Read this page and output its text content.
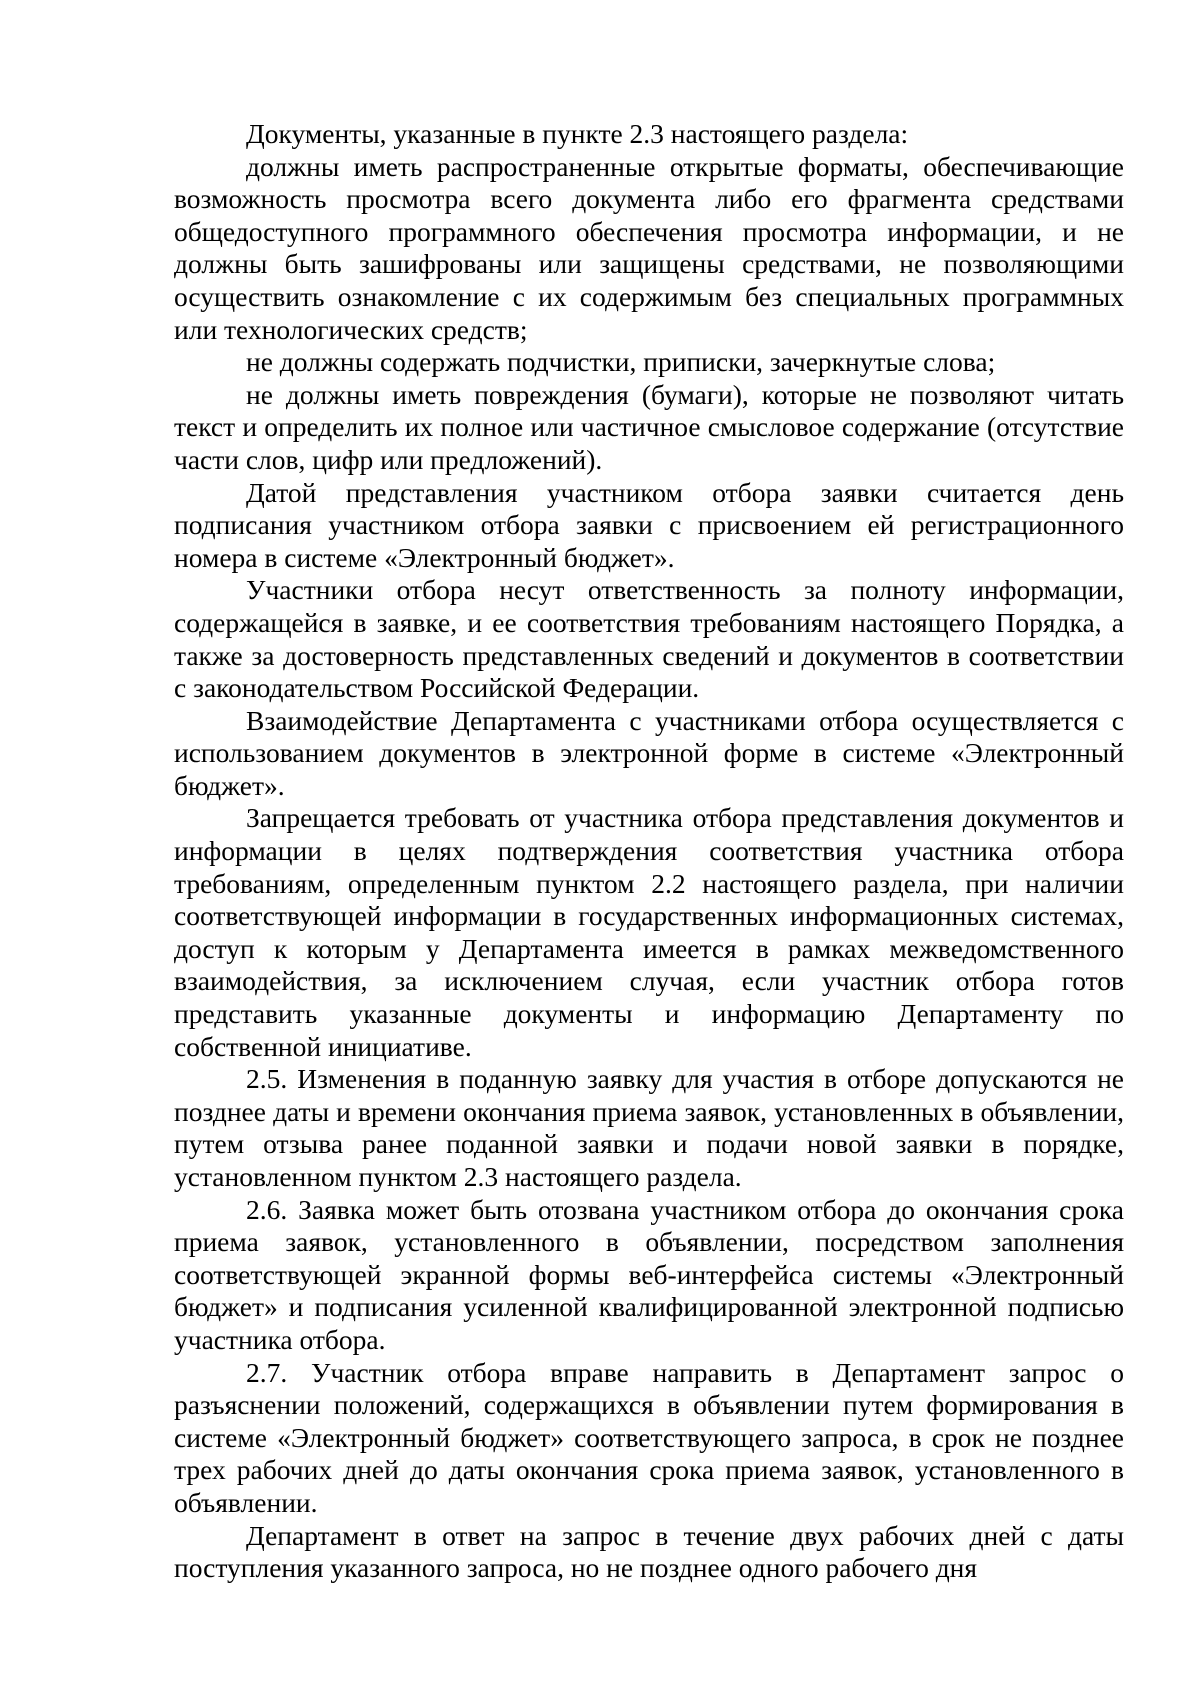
Документы, указанные в пункте 2.3 настоящего раздела:

должны иметь распространенные открытые форматы, обеспечивающие возможность просмотра всего документа либо его фрагмента средствами общедоступного программного обеспечения просмотра информации, и не должны быть зашифрованы или защищены средствами, не позволяющими осуществить ознакомление с их содержимым без специальных программных или технологических средств;

не должны содержать подчистки, приписки, зачеркнутые слова;

не должны иметь повреждения (бумаги), которые не позволяют читать текст и определить их полное или частичное смысловое содержание (отсутствие части слов, цифр или предложений).

Датой представления участником отбора заявки считается день подписания участником отбора заявки с присвоением ей регистрационного номера в системе «Электронный бюджет».

Участники отбора несут ответственность за полноту информации, содержащейся в заявке, и ее соответствия требованиям настоящего Порядка, а также за достоверность представленных сведений и документов в соответствии с законодательством Российской Федерации.

Взаимодействие Департамента с участниками отбора осуществляется с использованием документов в электронной форме в системе «Электронный бюджет».

Запрещается требовать от участника отбора представления документов и информации в целях подтверждения соответствия участника отбора требованиям, определенным пунктом 2.2 настоящего раздела, при наличии соответствующей информации в государственных информационных системах, доступ к которым у Департамента имеется в рамках межведомственного взаимодействия, за исключением случая, если участник отбора готов представить указанные документы и информацию Департаменту по собственной инициативе.

2.5. Изменения в поданную заявку для участия в отборе допускаются не позднее даты и времени окончания приема заявок, установленных в объявлении, путем отзыва ранее поданной заявки и подачи новой заявки в порядке, установленном пунктом 2.3 настоящего раздела.

2.6. Заявка может быть отозвана участником отбора до окончания срока приема заявок, установленного в объявлении, посредством заполнения соответствующей экранной формы веб-интерфейса системы «Электронный бюджет» и подписания усиленной квалифицированной электронной подписью участника отбора.

2.7. Участник отбора вправе направить в Департамент запрос о разъяснении положений, содержащихся в объявлении путем формирования в системе «Электронный бюджет» соответствующего запроса, в срок не позднее трех рабочих дней до даты окончания срока приема заявок, установленного в объявлении.

Департамент в ответ на запрос в течение двух рабочих дней с даты поступления указанного запроса, но не позднее одного рабочего дня
